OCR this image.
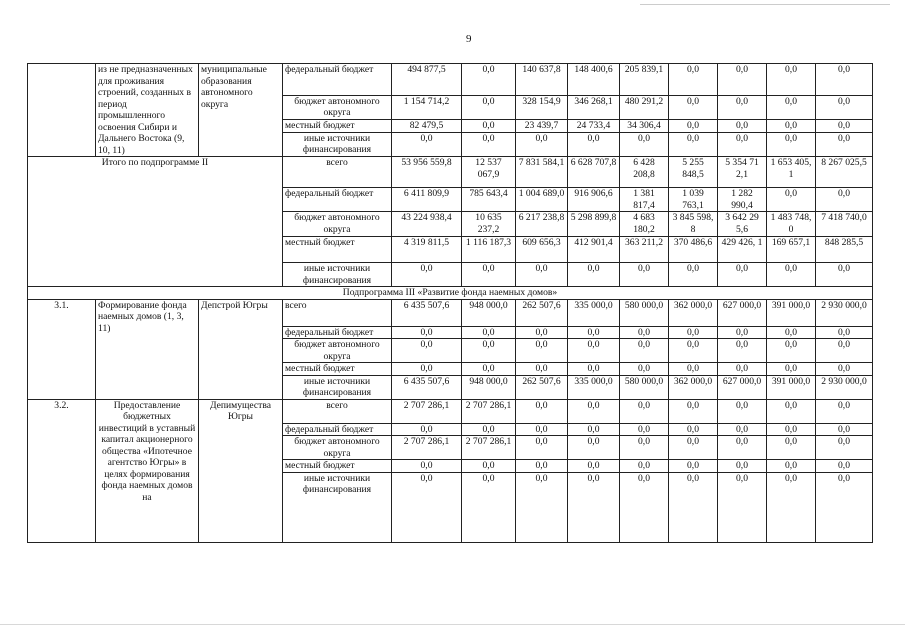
9
	из не предназначенных для проживания строений, созданных в период промышленного освоения Сибири и Дальнего Востока (9, 10, 11)	муниципальные образования автономного округа	федеральный бюджет	494 877,5	0,0	140 637,8	148 400,6	205 839,1	0,0	0,0	0,0	0,0
			бюджет автономного округа	1 154 714,2	0,0	328 154,9	346 268,1	480 291,2	0,0	0,0	0,0	0,0
			местный бюджет	82 479,5	0,0	23 439,7	24 733,4	34 306,4	0,0	0,0	0,0	0,0
			иные источники финансирования	0,0	0,0	0,0	0,0	0,0	0,0	0,0	0,0	0,0
Итого по подпрограмме II			всего	53 956 559,8	12 537 067,9	7 831 584,1	6 628 707,8	6 428 208,8	5 255 848,5	5 354 71 2,1	1 653 405, 1	8 267 025,5
			федеральный бюджет	6 411 809,9	785 643,4	1 004 689,0	916 906,6	1 381 817,4	1 039 763,1	1 282 990,4	0,0	0,0
			бюджет автономного округа	43 224 938,4	10 635 237,2	6 217 238,8	5 298 899,8	4 683 180,2	3 845 598, 8	3 642 29 5,6	1 483 748, 0	7 418 740,0
			местный бюджет	4 319 811,5	1 116 187,3	609 656,3	412 901,4	363 211,2	370 486,6	429 426, 1	169 657,1	848 285,5
			иные источники финансирования	0,0	0,0	0,0	0,0	0,0	0,0	0,0	0,0	0,0
Подпрограмма III «Развитие фонда наемных домов»												
3.1.	Формирование фонда наемных домов (1, 3, 11)	Депстрой Югры	всего	6 435 507,6	948 000,0	262 507,6	335 000,0	580 000,0	362 000,0	627 000,0	391 000,0	2 930 000,0
			федеральный бюджет	0,0	0,0	0,0	0,0	0,0	0,0	0,0	0,0	0,0
			бюджет автономного округа	0,0	0,0	0,0	0,0	0,0	0,0	0,0	0,0	0,0
			местный бюджет	0,0	0,0	0,0	0,0	0,0	0,0	0,0	0,0	0,0
			иные источники финансирования	6 435 507,6	948 000,0	262 507,6	335 000,0	580 000,0	362 000,0	627 000,0	391 000,0	2 930 000,0
3.2.	Предоставление бюджетных инвестиций в уставный капитал акционерного общества «Ипотечное агентство Югры» в целях формирования фонда наемных домов на	Депимущества Югры	всего	2 707 286,1	2 707 286,1	0,0	0,0	0,0	0,0	0,0	0,0	0,0
			федеральный бюджет	0,0	0,0	0,0	0,0	0,0	0,0	0,0	0,0	0,0
			бюджет автономного округа	2 707 286,1	2 707 286,1	0,0	0,0	0,0	0,0	0,0	0,0	0,0
			местный бюджет	0,0	0,0	0,0	0,0	0,0	0,0	0,0	0,0	0,0
			иные источники финансирования	0,0	0,0	0,0	0,0	0,0	0,0	0,0	0,0	0,0
